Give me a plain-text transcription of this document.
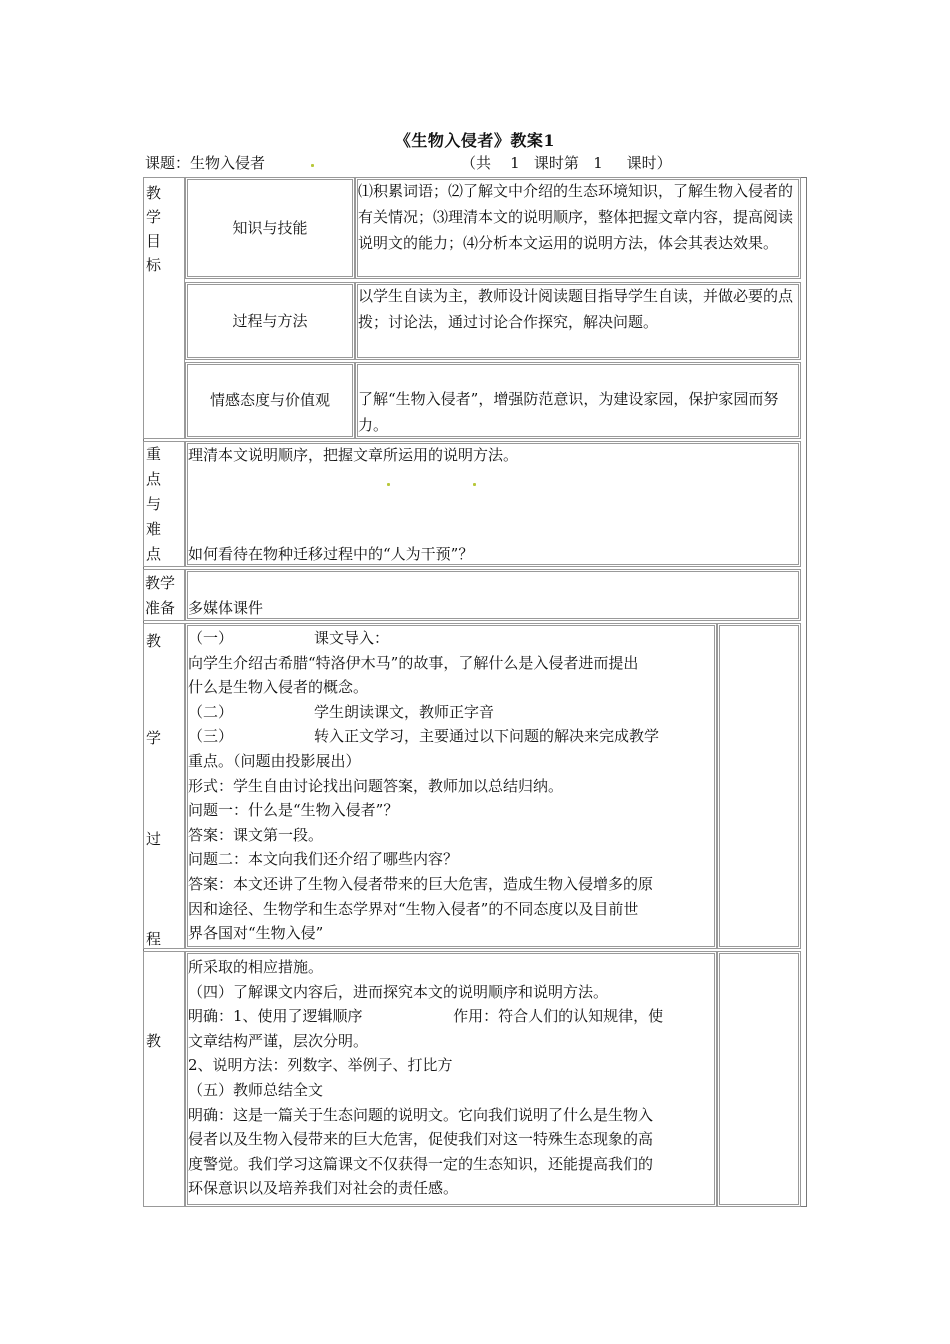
《生物入侵者》教案1
课题：生物入侵者	（共    1   课时第   1     课时）
教学目标
知识与技能
⑴积累词语；⑵了解文中介绍的生态环境知识，了解生物入侵者的有关情况；⑶理清本文的说明顺序，整体把握文章内容，提高阅读说明文的能力；⑷分析本文运用的说明方法，体会其表达效果。
过程与方法
以学生自读为主，教师设计阅读题目指导学生自读，并做必要的点拨；讨论法，通过讨论合作探究，解决问题。
情感态度与价值观	了解“生物入侵者”，增强防范意识，为建设家园，保护家园而努力。
重点与难点
理清本文说明顺序，把握文章所运用的说明方法。
如何看待在物种迁移过程中的“人为干预”？
教学
准备 多媒体课件
教
学
过
程
（一）                 课文导入：
向学生介绍古希腊“特洛伊木马”的故事，了解什么是入侵者进而提出
什么是生物入侵者的概念。
（二）                 学生朗读课文，教师正字音
（三）                 转入正文学习，主要通过以下问题的解决来完成教学
重点。（问题由投影展出）
形式：学生自由讨论找出问题答案，教师加以总结归纳。
问题一：什么是“生物入侵者”？
答案：课文第一段。
问题二：本文向我们还介绍了哪些内容？
答案：本文还讲了生物入侵者带来的巨大危害，造成生物入侵增多的原
因和途径、生物学和生态学界对“生物入侵者”的不同态度以及目前世
界各国对“生物入侵”
教
所采取的相应措施。
（四）了解课文内容后，进而探究本文的说明顺序和说明方法。
明确：1、使用了逻辑顺序                   作用：符合人们的认知规律，使
文章结构严谨，层次分明。
2、说明方法：列数字、举例子、打比方
（五）教师总结全文
明确：这是一篇关于生态问题的说明文。它向我们说明了什么是生物入
侵者以及生物入侵带来的巨大危害，促使我们对这一特殊生态现象的高
度警觉。我们学习这篇课文不仅获得一定的生态知识，还能提高我们的
环保意识以及培养我们对社会的责任感。
